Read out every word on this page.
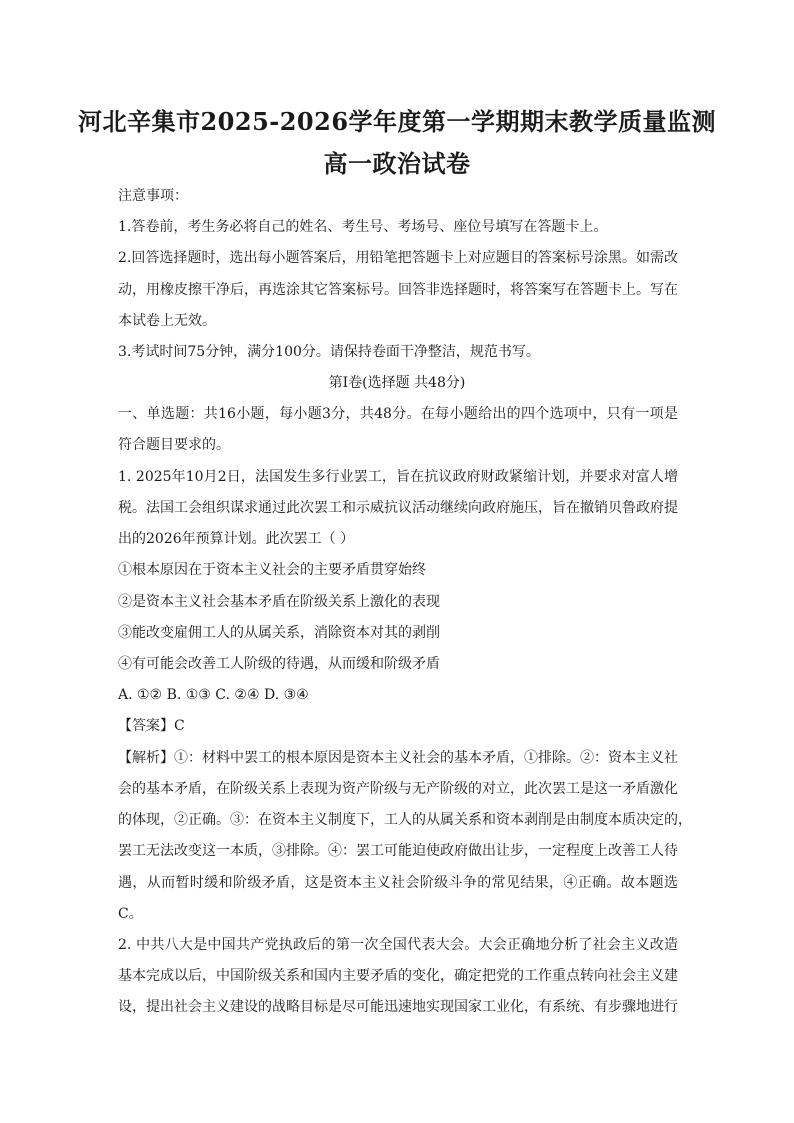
河北辛集市2025-2026学年度第一学期期末教学质量监测
高一政治试卷
注意事项：
1.答卷前，考生务必将自己的姓名、考生号、考场号、座位号填写在答题卡上。
2.回答选择题时，选出每小题答案后，用铅笔把答题卡上对应题目的答案标号涂黑。如需改
动，用橡皮擦干净后，再选涂其它答案标号。回答非选择题时，将答案写在答题卡上。写在
本试卷上无效。
3.考试时间75分钟，满分100分。请保持卷面干净整洁，规范书写。
第Ⅰ卷(选择题 共48分)
一、单选题：共16小题，每小题3分，共48分。在每小题给出的四个选项中，只有一项是
符合题目要求的。
1. 2025年10月2日，法国发生多行业罢工，旨在抗议政府财政紧缩计划，并要求对富人增
税。法国工会组织谋求通过此次罢工和示威抗议活动继续向政府施压，旨在撤销贝鲁政府提
出的2026年预算计划。此次罢工（ ）
①根本原因在于资本主义社会的主要矛盾贯穿始终
②是资本主义社会基本矛盾在阶级关系上激化的表现
③能改变雇佣工人的从属关系，消除资本对其的剥削
④有可能会改善工人阶级的待遇，从而缓和阶级矛盾
A. ①② B. ①③ C. ②④ D. ③④
【答案】C
【解析】①：材料中罢工的根本原因是资本主义社会的基本矛盾，①排除。②：资本主义社
会的基本矛盾，在阶级关系上表现为资产阶级与无产阶级的对立，此次罢工是这一矛盾激化
的体现，②正确。③：在资本主义制度下，工人的从属关系和资本剥削是由制度本质决定的，
罢工无法改变这一本质，③排除。④：罢工可能迫使政府做出让步，一定程度上改善工人待
遇，从而暂时缓和阶级矛盾，这是资本主义社会阶级斗争的常见结果，④正确。故本题选
C。
2. 中共八大是中国共产党执政后的第一次全国代表大会。大会正确地分析了社会主义改造
基本完成以后，中国阶级关系和国内主要矛盾的变化，确定把党的工作重点转向社会主义建
设，提出社会主义建设的战略目标是尽可能迅速地实现国家工业化，有系统、有步骤地进行
